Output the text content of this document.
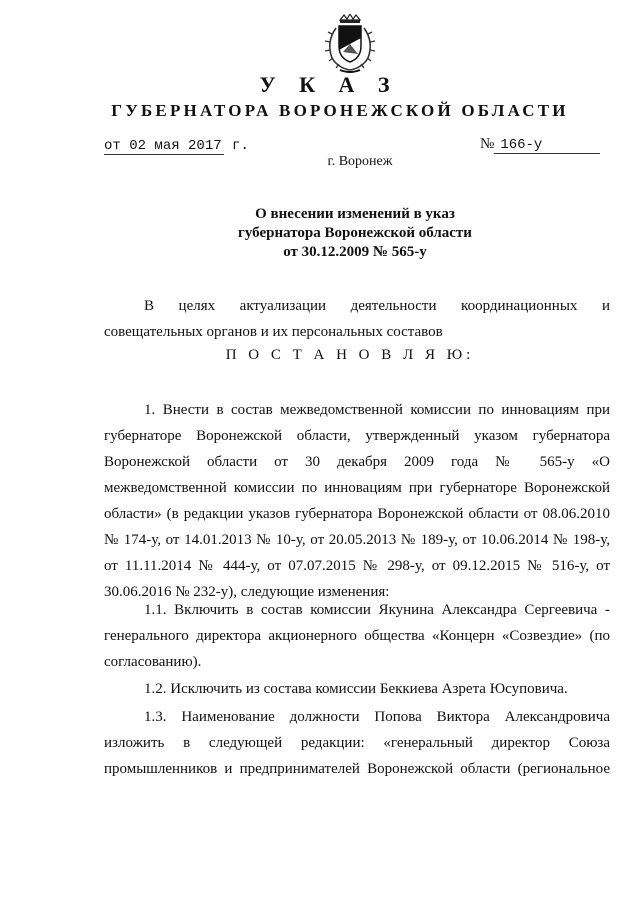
У К А З
ГУБЕРНАТОРА ВОРОНЕЖСКОЙ ОБЛАСТИ
от 02 мая 2017 г.	№ 166-у
г. Воронеж
О внесении изменений в указ
губернатора Воронежской области
от 30.12.2009 № 565-у
В целях актуализации деятельности координационных и
совещательных органов и их персональных составов
П О С Т А Н О В Л Я Ю:
1. Внести в состав межведомственной комиссии по инновациям при
губернаторе Воронежской области, утвержденный указом губернатора
Воронежской области от 30 декабря 2009 года № 565-у «О
межведомственной комиссии по инновациям при губернаторе Воронежской
области» (в редакции указов губернатора Воронежской области от 08.06.2010
№ 174-у, от 14.01.2013 № 10-у, от 20.05.2013 № 189-у, от 10.06.2014 № 198-у,
от 11.11.2014 № 444-у, от 07.07.2015 № 298-у, от 09.12.2015 № 516-у, от
30.06.2016 № 232-у), следующие изменения:
1.1. Включить в состав комиссии Якунина Александра Сергеевича -
генерального директора акционерного общества «Концерн «Созвездие» (по
согласованию).
1.2. Исключить из состава комиссии Беккиева Азрета Юсуповича.
1.3. Наименование должности Попова Виктора Александровича
изложить в следующей редакции: «генеральный директор Союза
промышленников и предпринимателей Воронежской области (региональное
